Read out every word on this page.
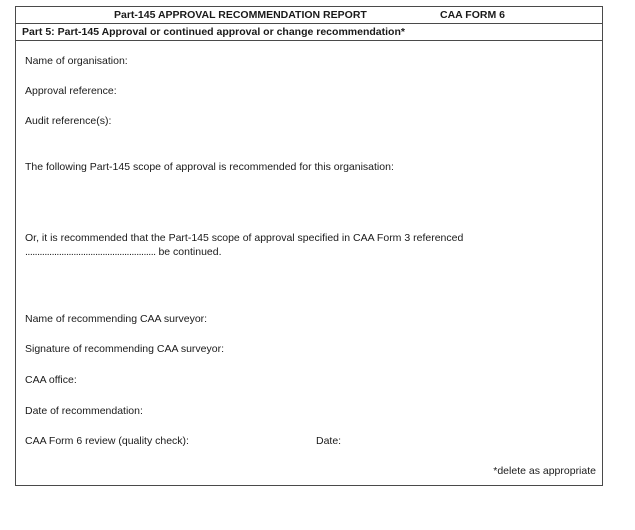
Part-145 APPROVAL RECOMMENDATION REPORT	CAA FORM 6
Part 5: Part-145 Approval or continued approval or change recommendation*
Name of organisation:
Approval reference:
Audit reference(s):
The following Part-145 scope of approval is recommended for this organisation:
Or, it is recommended that the Part-145 scope of approval specified in CAA Form 3 referenced
...................................................... be continued.
Name of recommending CAA surveyor:
Signature of recommending CAA surveyor:
CAA office:
Date of recommendation:
CAA Form 6 review (quality check):	Date:
*delete as appropriate
